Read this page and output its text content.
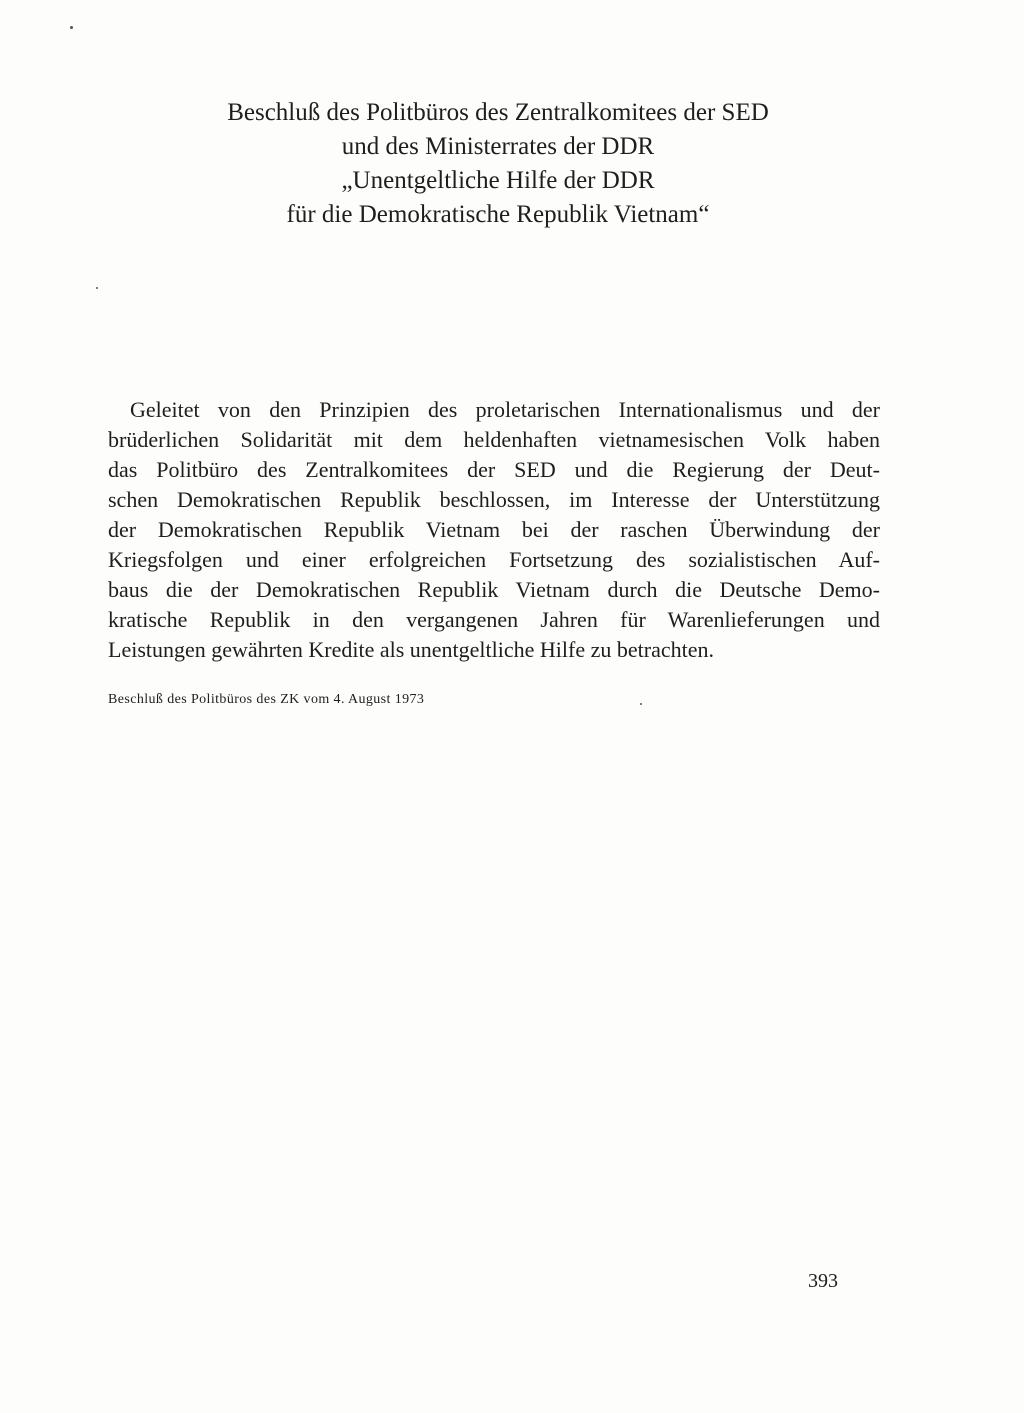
Beschluß des Politbüros des Zentralkomitees der SED
und des Ministerrates der DDR
„Unentgeltliche Hilfe der DDR
für die Demokratische Republik Vietnam“
Geleitet von den Prinzipien des proletarischen Internationalismus und der
brüderlichen Solidarität mit dem heldenhaften vietnamesischen Volk haben
das Politbüro des Zentralkomitees der SED und die Regierung der Deut-
schen Demokratischen Republik beschlossen, im Interesse der Unterstützung
der Demokratischen Republik Vietnam bei der raschen Überwindung der
Kriegsfolgen und einer erfolgreichen Fortsetzung des sozialistischen Auf-
baus die der Demokratischen Republik Vietnam durch die Deutsche Demo-
kratische Republik in den vergangenen Jahren für Warenlieferungen und
Leistungen gewährten Kredite als unentgeltliche Hilfe zu betrachten.
Beschluß des Politbüros des ZK vom 4. August 1973
393
